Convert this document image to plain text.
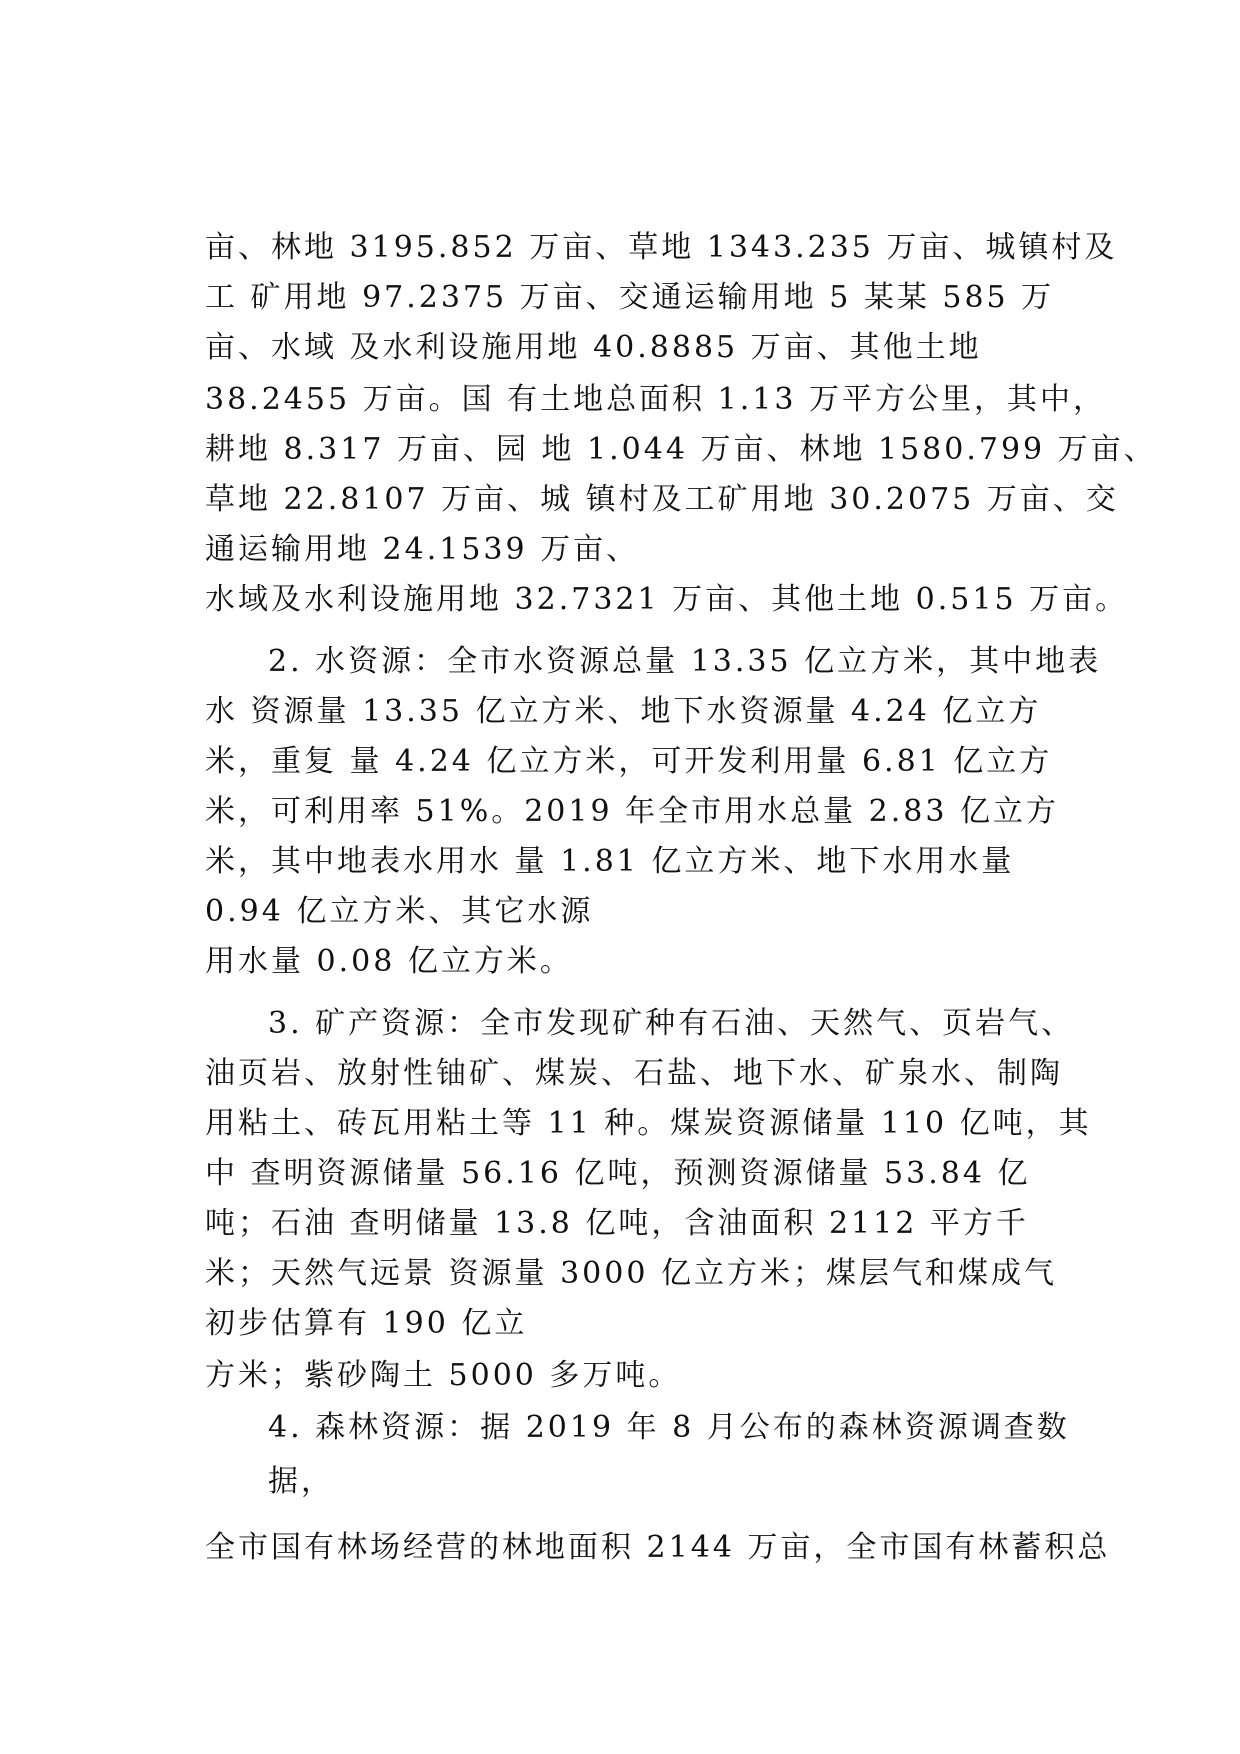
亩、林地 3195.852 万亩、草地 1343.235 万亩、城镇村及
工 矿用地 97.2375 万亩、交通运输用地 5 某某 585 万
亩、水域 及水利设施用地 40.8885 万亩、其他土地
38.2455 万亩。国 有土地总面积 1.13 万平方公里，其中，
耕地 8.317 万亩、园 地 1.044 万亩、林地 1580.799 万亩、
草地 22.8107 万亩、城 镇村及工矿用地 30.2075 万亩、交
通运输用地 24.1539 万亩、
水域及水利设施用地 32.7321 万亩、其他土地 0.515 万亩。
2. 水资源：全市水资源总量 13.35 亿立方米，其中地表
水 资源量 13.35 亿立方米、地下水资源量 4.24 亿立方
米，重复 量 4.24 亿立方米，可开发利用量 6.81 亿立方
米，可利用率 51%。2019 年全市用水总量 2.83 亿立方
米，其中地表水用水 量 1.81 亿立方米、地下水用水量
0.94 亿立方米、其它水源
用水量 0.08 亿立方米。
3. 矿产资源：全市发现矿种有石油、天然气、页岩气、
油页岩、放射性铀矿、煤炭、石盐、地下水、矿泉水、制陶
用粘土、砖瓦用粘土等 11 种。煤炭资源储量 110 亿吨，其
中 查明资源储量 56.16 亿吨，预测资源储量 53.84 亿
吨；石油 查明储量 13.8 亿吨，含油面积 2112 平方千
米；天然气远景 资源量 3000 亿立方米；煤层气和煤成气
初步估算有 190 亿立
方米；紫砂陶土 5000 多万吨。
4. 森林资源：据 2019 年 8 月公布的森林资源调查数
据，
全市国有林场经营的林地面积 2144 万亩，全市国有林蓄积总
